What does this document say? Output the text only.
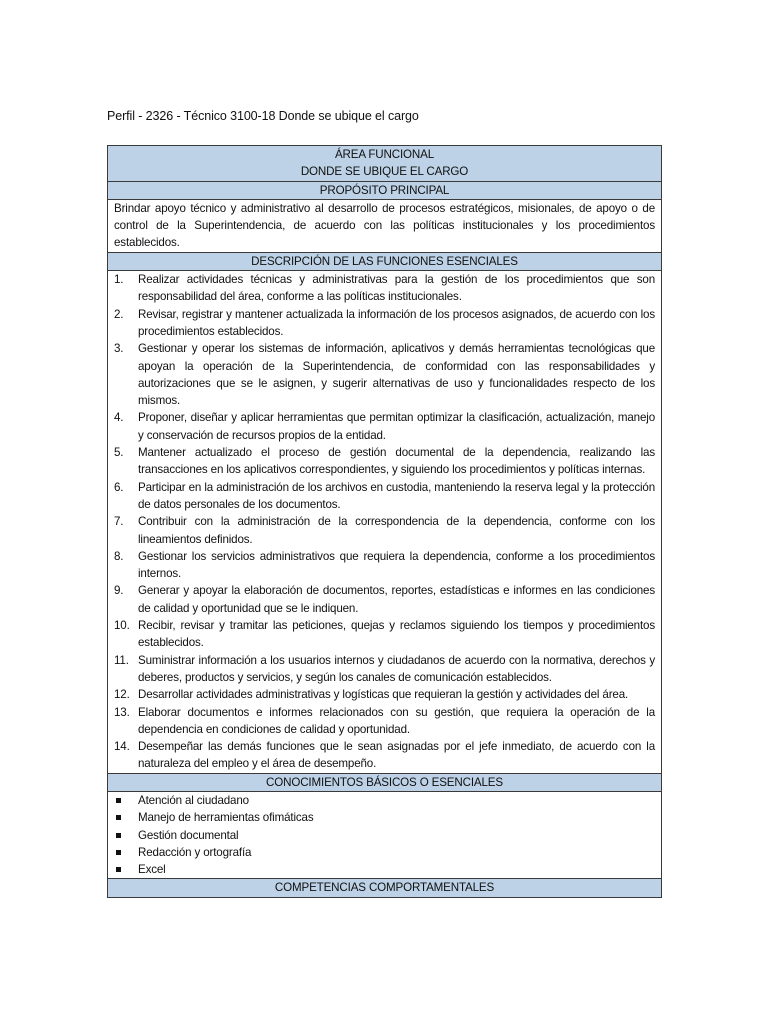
Perfil - 2326 - Técnico 3100-18 Donde se ubique el cargo
ÁREA FUNCIONAL
DONDE SE UBIQUE EL CARGO

PROPÓSITO PRINCIPAL
Brindar apoyo técnico y administrativo al desarrollo de procesos estratégicos, misionales, de apoyo o de control de la Superintendencia, de acuerdo con las políticas institucionales y los procedimientos establecidos.
DESCRIPCIÓN DE LAS FUNCIONES ESENCIALES

1.	Realizar actividades técnicas y administrativas para la gestión de los procedimientos que son responsabilidad del área, conforme a las políticas institucionales.
2.	Revisar, registrar y mantener actualizada la información de los procesos asignados, de acuerdo con los procedimientos establecidos.
3.	Gestionar y operar los sistemas de información, aplicativos y demás herramientas tecnológicas que apoyan la operación de la Superintendencia, de conformidad con las responsabilidades y autorizaciones que se le asignen, y sugerir alternativas de uso y funcionalidades respecto de los mismos.
4.	Proponer, diseñar y aplicar herramientas que permitan optimizar la clasificación, actualización, manejo y conservación de recursos propios de la entidad.
5.	Mantener actualizado el proceso de gestión documental de la dependencia, realizando las transacciones en los aplicativos correspondientes, y siguiendo los procedimientos y políticas internas.
6.	Participar en la administración de los archivos en custodia, manteniendo la reserva legal y la protección de datos personales de los documentos.
7.	Contribuir con la administración de la correspondencia de la dependencia, conforme con los lineamientos definidos.
8.	Gestionar los servicios administrativos que requiera la dependencia, conforme a los procedimientos internos.
9.	Generar y apoyar la elaboración de documentos, reportes, estadísticas e informes en las condiciones de calidad y oportunidad que se le indiquen.
10. Recibir, revisar y tramitar las peticiones, quejas y reclamos siguiendo los tiempos y procedimientos establecidos.
11. Suministrar información a los usuarios internos y ciudadanos de acuerdo con la normativa, derechos y deberes, productos y servicios, y según los canales de comunicación establecidos.
12. Desarrollar actividades administrativas y logísticas que requieran la gestión y actividades del área.
13. Elaborar documentos e informes relacionados con su gestión, que requiera la operación de la dependencia en condiciones de calidad y oportunidad.
14. Desempeñar las demás funciones que le sean asignadas por el jefe inmediato, de acuerdo con la naturaleza del empleo y el área de desempeño.

CONOCIMIENTOS BÁSICOS O ESENCIALES

Atención al ciudadano
Manejo de herramientas ofimáticas
Gestión documental
Redacción y ortografía
Excel

COMPETENCIAS COMPORTAMENTALES
